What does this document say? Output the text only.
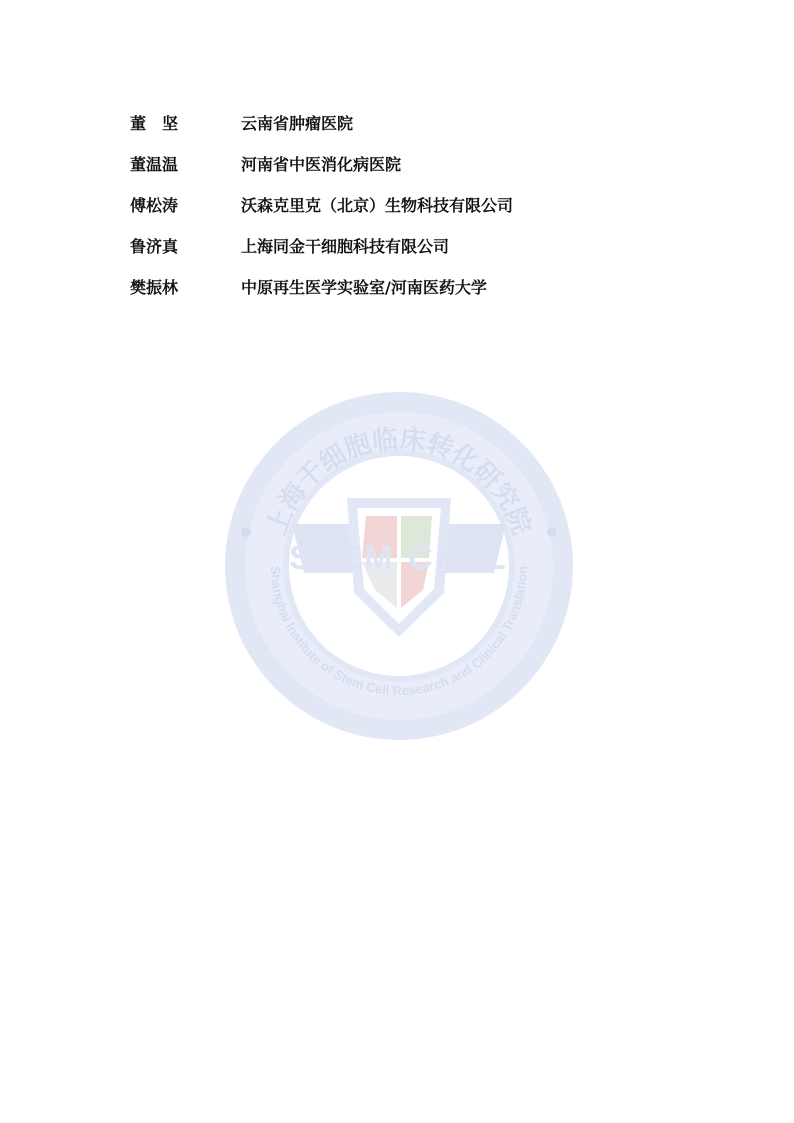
董　坚	云南省肿瘤医院
董温温	河南省中医消化病医院
傅松涛	沃森克里克（北京）生物科技有限公司
鲁济真	上海同金干细胞科技有限公司
樊振林	中原再生医学实验室/河南医药大学
上海干细胞临床转化研究院
Shanghai Institute of Stem Cell Research and Clinical Translation
STEM CELL
